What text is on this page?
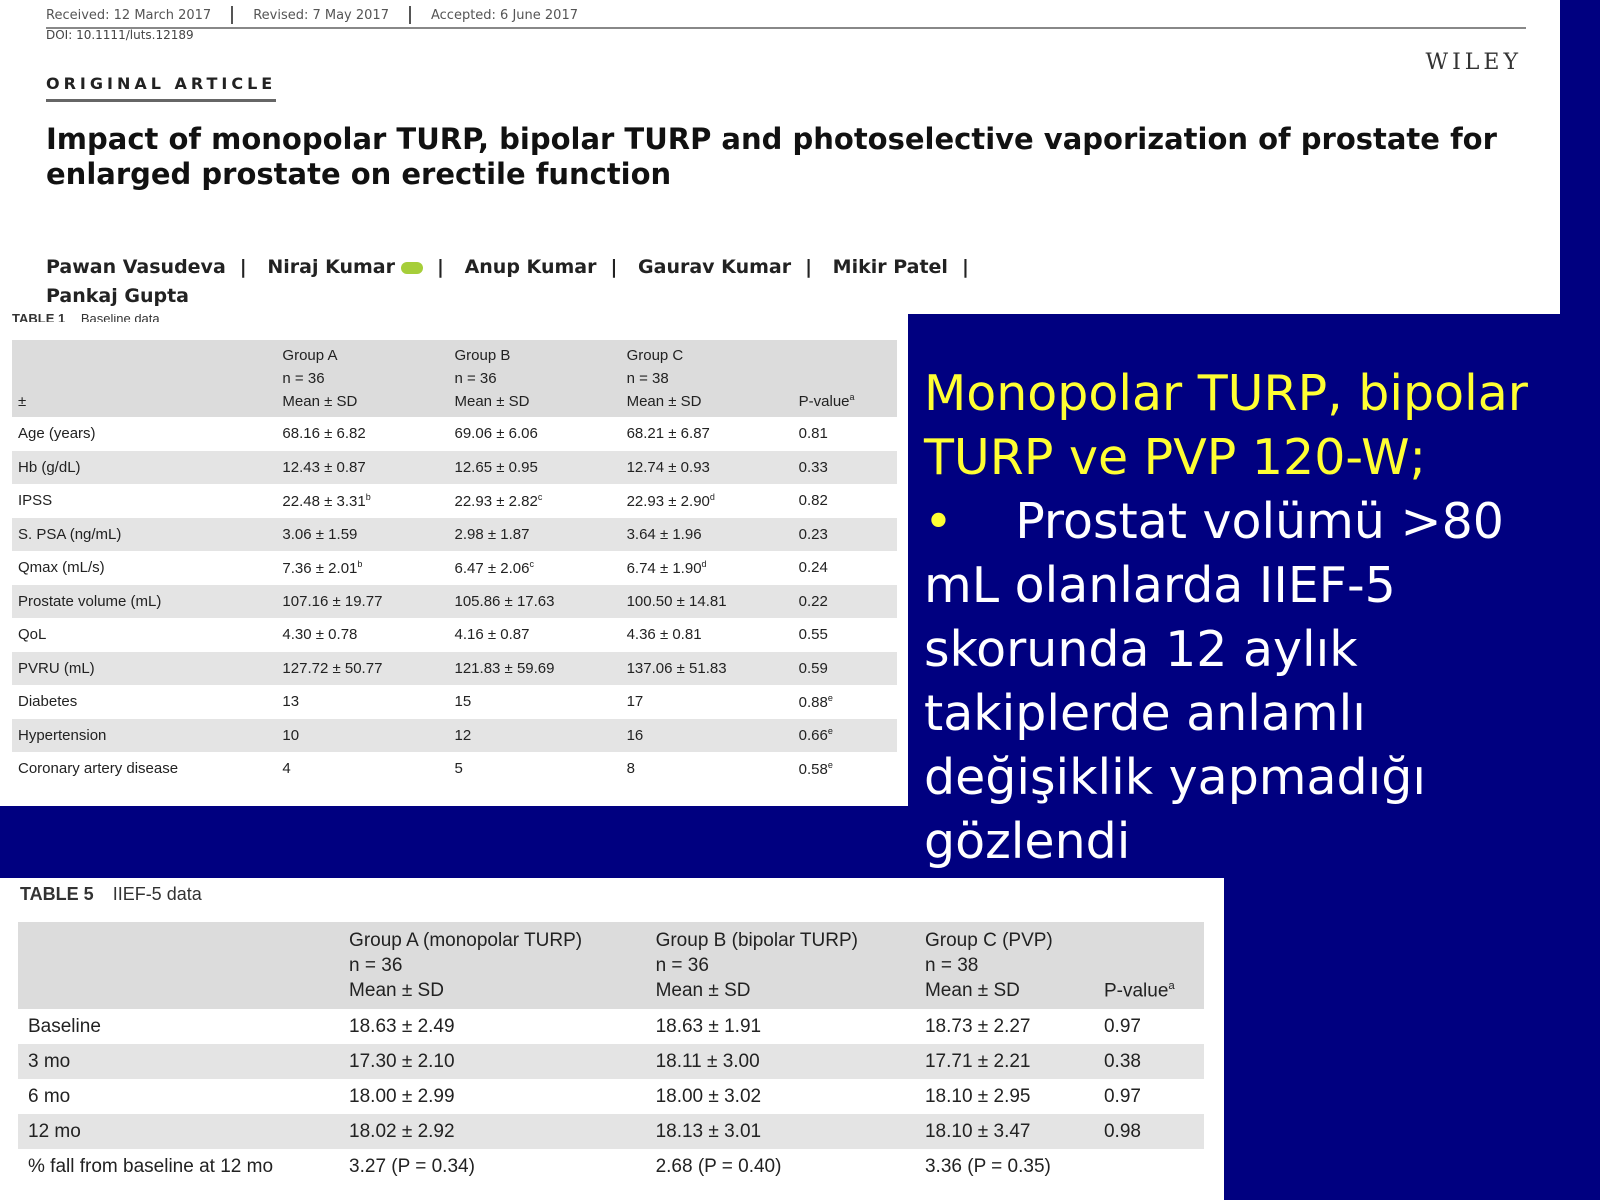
Received: 12 March 2017	Revised: 7 May 2017	Accepted: 6 June 2017
DOI: 10.1111/luts.12189
WILEY
ORIGINAL ARTICLE
Impact of monopolar TURP, bipolar TURP and photoselective vaporization of prostate for enlarged prostate on erectile function
Pawan Vasudeva | Niraj Kumar | Anup Kumar | Gaurav Kumar | Mikir Patel |
Pankaj Gupta
TABLE 1 Baseline data
±	Group A
n = 36
Mean ± SD	Group B
n = 36
Mean ± SD	Group C
n = 38
Mean ± SD	P-value$^a$

Age (years)	68.16 ± 6.82	69.06 ± 6.06	68.21 ± 6.87	0.81
Hb (g/dL)	12.43 ± 0.87	12.65 ± 0.95	12.74 ± 0.93	0.33
IPSS	22.48 ± 3.31$^b$	22.93 ± 2.82$^c$	22.93 ± 2.90$^d$	0.82
S. PSA (ng/mL)	3.06 ± 1.59	2.98 ± 1.87	3.64 ± 1.96	0.23
Qmax (mL/s)	7.36 ± 2.01$^b$	6.47 ± 2.06$^c$	6.74 ± 1.90$^d$	0.24
Prostate volume (mL)	107.16 ± 19.77	105.86 ± 17.63	100.50 ± 14.81	0.22
QoL	4.30 ± 0.78	4.16 ± 0.87	4.36 ± 0.81	0.55
PVRU (mL)	127.72 ± 50.77	121.83 ± 59.69	137.06 ± 51.83	0.59
Diabetes	13	15	17	0.88e
Hypertension	10	12	16	0.66e
Coronary artery disease	4	5	8	0.58e

Monopolar TURP, bipolar TURP ve PVP 120-W;
• Prostat volümü >80 mL olanlarda IIEF-5 skorunda 12 aylık takiplerde anlamlı değişiklik yapmadığı gözlendi

TABLE 5 IIEF-5 data

	Group A (monopolar TURP)
n = 36
Mean ± SD	Group B (bipolar TURP)
n = 36
Mean ± SD	Group C (PVP)
n = 38
Mean ± SD	P-value$^a$

Baseline	18.63 ± 2.49	18.63 ± 1.91	18.73 ± 2.27	0.97
3 mo	17.30 ± 2.10	18.11 ± 3.00	17.71 ± 2.21	0.38
6 mo	18.00 ± 2.99	18.00 ± 3.02	18.10 ± 2.95	0.97
12 mo	18.02 ± 2.92	18.13 ± 3.01	18.10 ± 3.47	0.98
% fall from baseline at 12 mo	3.27 (P = 0.34)	2.68 (P = 0.40)	3.36 (P = 0.35)	
